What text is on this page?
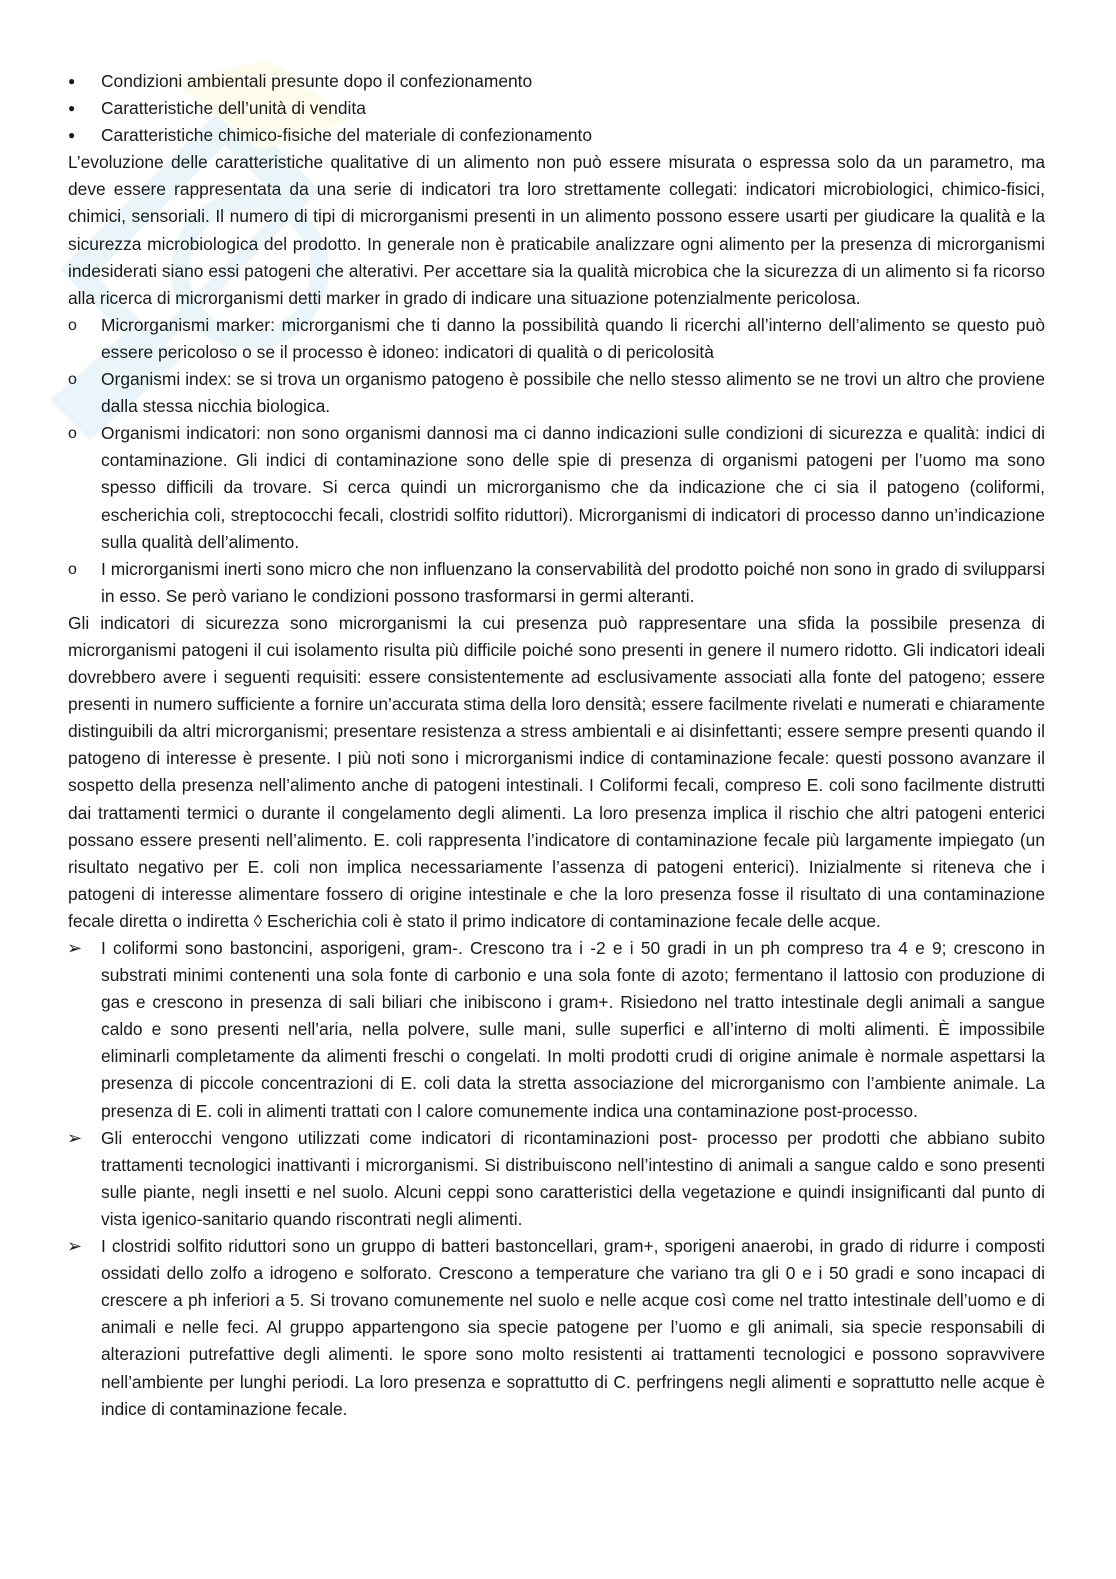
●	Condizioni ambientali presunte dopo il confezionamento
●	Caratteristiche dell’unità di vendita
●	Caratteristiche chimico-fisiche del materiale di confezionamento

L’evoluzione delle caratteristiche qualitative di un alimento non può essere misurata o espressa solo da un parametro, ma deve essere rappresentata da una serie di indicatori tra loro strettamente collegati: indicatori microbiologici, chimico-fisici, chimici, sensoriali. Il numero di tipi di microrganismi presenti in un alimento possono essere usarti per giudicare la qualità e la sicurezza microbiologica del prodotto. In generale non è praticabile analizzare ogni alimento per la presenza di microrganismi indesiderati siano essi patogeni che alterativi. Per accettare sia la qualità microbica che la sicurezza di un alimento si fa ricorso alla ricerca di microrganismi detti marker in grado di indicare una situazione potenzialmente pericolosa.

o	Microrganismi marker: microrganismi che ti danno la possibilità quando li ricerchi all’interno dell’alimento se questo può essere pericoloso o se il processo è idoneo: indicatori di qualità o di pericolosità
o	Organismi index: se si trova un organismo patogeno è possibile che nello stesso alimento se ne trovi un altro che proviene dalla stessa nicchia biologica.
o	Organismi indicatori: non sono organismi dannosi ma ci danno indicazioni sulle condizioni di sicurezza e qualità: indici di contaminazione. Gli indici di contaminazione sono delle spie di presenza di organismi patogeni per l’uomo ma sono spesso difficili da trovare. Si cerca quindi un microrganismo che da indicazione che ci sia il patogeno (coliformi, escherichia coli, streptococchi fecali, clostridi solfito riduttori). Microrganismi di indicatori di processo danno un’indicazione sulla qualità dell’alimento.
o	I microrganismi inerti sono micro che non influenzano la conservabilità del prodotto poiché non sono in grado di svilupparsi in esso. Se però variano le condizioni possono trasformarsi in germi alteranti.

Gli indicatori di sicurezza sono microrganismi la cui presenza può rappresentare una sfida la possibile presenza di microrganismi patogeni il cui isolamento risulta più difficile poiché sono presenti in genere il numero ridotto. Gli indicatori ideali dovrebbero avere i seguenti requisiti: essere consistentemente ad esclusivamente associati alla fonte del patogeno; essere presenti in numero sufficiente a fornire un’accurata stima della loro densità; essere facilmente rivelati e numerati e chiaramente distinguibili da altri microrganismi; presentare resistenza a stress ambientali e ai disinfettanti; essere sempre presenti quando il patogeno di interesse è presente. I più noti sono i microrganismi indice di contaminazione fecale: questi possono avanzare il sospetto della presenza nell’alimento anche di patogeni intestinali. I Coliformi fecali, compreso E. coli sono facilmente distrutti dai trattamenti termici o durante il congelamento degli alimenti. La loro presenza implica il rischio che altri patogeni enterici possano essere presenti nell’alimento. E. coli rappresenta l’indicatore di contaminazione fecale più largamente impiegato (un risultato negativo per E. coli non implica necessariamente l’assenza di patogeni enterici). Inizialmente si riteneva che i patogeni di interesse alimentare fossero di origine intestinale e che la loro presenza fosse il risultato di una contaminazione fecale diretta o indiretta ◊ Escherichia coli è stato il primo indicatore di contaminazione fecale delle acque.

➢	I coliformi sono bastoncini, asporigeni, gram-. Crescono tra i -2 e i 50 gradi in un ph compreso tra 4 e 9; crescono in substrati minimi contenenti una sola fonte di carbonio e una sola fonte di azoto; fermentano il lattosio con produzione di gas e crescono in presenza di sali biliari che inibiscono i gram+. Risiedono nel tratto intestinale degli animali a sangue caldo e sono presenti nell’aria, nella polvere, sulle mani, sulle superfici e all’interno di molti alimenti. È impossibile eliminarli completamente da alimenti freschi o congelati. In molti prodotti crudi di origine animale è normale aspettarsi la presenza di piccole concentrazioni di E. coli data la stretta associazione del microrganismo con l’ambiente animale. La presenza di E. coli in alimenti trattati con l calore comunemente indica una contaminazione post-processo.
➢	Gli enterocchi vengono utilizzati come indicatori di ricontaminazioni post- processo per prodotti che abbiano subito trattamenti tecnologici inattivanti i microrganismi. Si distribuiscono nell’intestino di animali a sangue caldo e sono presenti sulle piante, negli insetti e nel suolo. Alcuni ceppi sono caratteristici della vegetazione e quindi insignificanti dal punto di vista igenico-sanitario quando riscontrati negli alimenti.
➢	I clostridi solfito riduttori sono un gruppo di batteri bastoncellari, gram+, sporigeni anaerobi, in grado di ridurre i composti ossidati dello zolfo a idrogeno e solforato. Crescono a temperature che variano tra gli 0 e i 50 gradi e sono incapaci di crescere a ph inferiori a 5. Si trovano comunemente nel suolo e nelle acque così come nel tratto intestinale dell’uomo e di animali e nelle feci. Al gruppo appartengono sia specie patogene per l’uomo e gli animali, sia specie responsabili di alterazioni putrefattive degli alimenti. le spore sono molto resistenti ai trattamenti tecnologici e possono sopravvivere nell’ambiente per lunghi periodi. La loro presenza e soprattutto di C. perfringens negli alimenti e soprattutto nelle acque è indice di contaminazione fecale.
